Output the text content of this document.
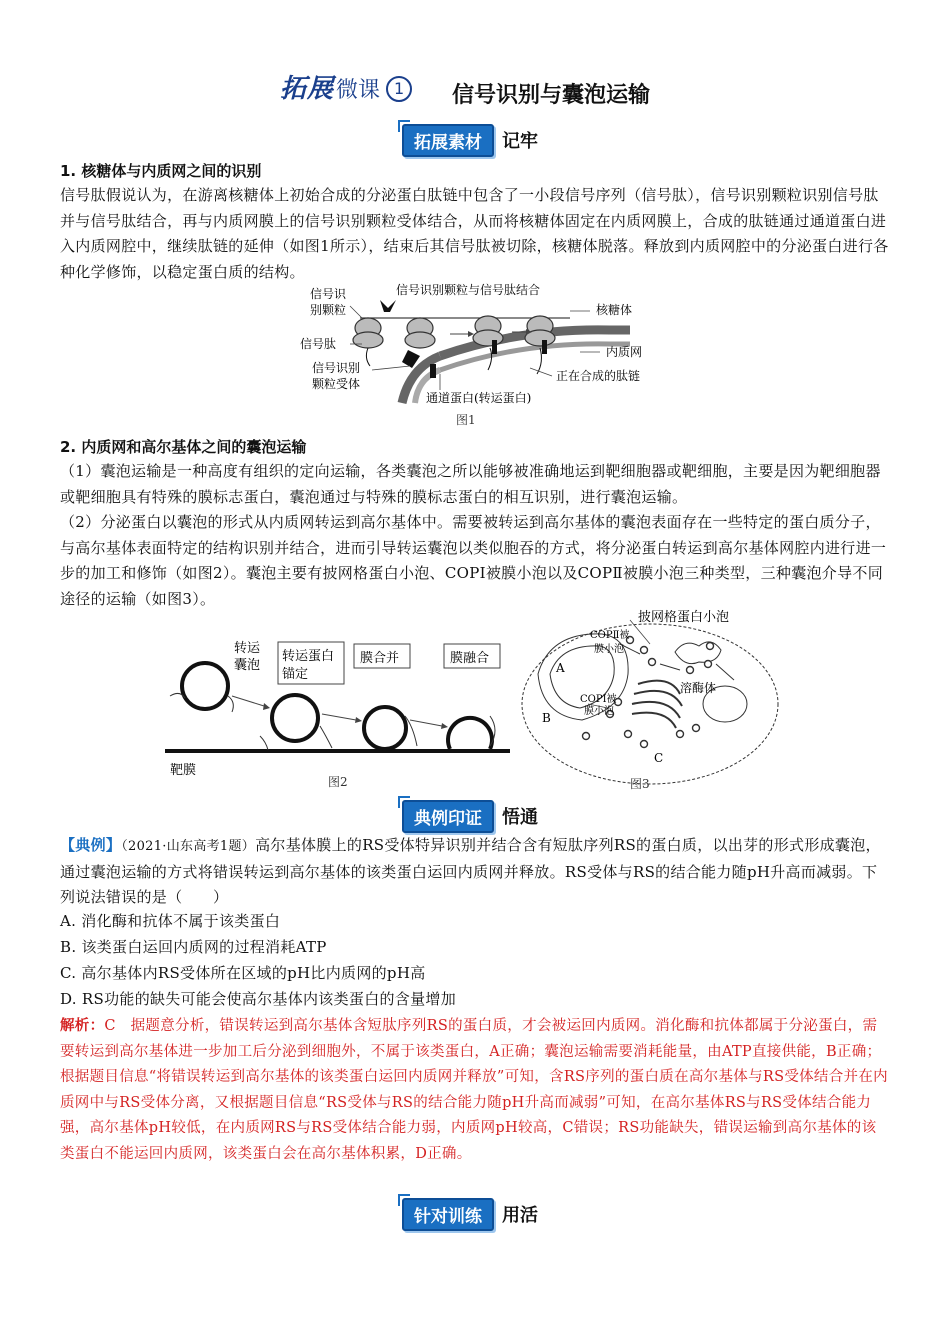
拓展微课 1	信号识别与囊泡运输
拓展素材	记牢
1. 核糖体与内质网之间的识别
信号肽假说认为，在游离核糖体上初始合成的分泌蛋白肽链中包含了一小段信号序列（信号肽），信号识别颗粒识别信号肽并与信号肽结合，再与内质网膜上的信号识别颗粒受体结合，从而将核糖体固定在内质网膜上，合成的肽链通过通道蛋白进入内质网腔中，继续肽链的延伸（如图1所示），结束后其信号肽被切除，核糖体脱落。释放到内质网腔中的分泌蛋白进行各种化学修饰，以稳定蛋白质的结构。
信号识
别颗粒
信号识别颗粒与信号肽结合
核糖体
信号肽
内质网
信号识别
颗粒受体
正在合成的肽链
通道蛋白(转运蛋白)
图1
2. 内质网和高尔基体之间的囊泡运输
（1）囊泡运输是一种高度有组织的定向运输，各类囊泡之所以能够被准确地运到靶细胞器或靶细胞，主要是因为靶细胞器或靶细胞具有特殊的膜标志蛋白，囊泡通过与特殊的膜标志蛋白的相互识别，进行囊泡运输。
（2）分泌蛋白以囊泡的形式从内质网转运到高尔基体中。需要被转运到高尔基体的囊泡表面存在一些特定的蛋白质分子，与高尔基体表面特定的结构识别并结合，进而引导转运囊泡以类似胞吞的方式，将分泌蛋白转运到高尔基体网腔内进行进一步的加工和修饰（如图2）。囊泡主要有披网格蛋白小泡、COPⅠ被膜小泡以及COPⅡ被膜小泡三种类型，三种囊泡介导不同途径的运输（如图3）。
转运
囊泡
转运蛋白
锚定
膜合并	膜融合
靶膜
图2
披网格蛋白小泡
COPⅡ被
膜小泡
A
溶酶体
COPⅠ被
膜小泡
B
C
图3
典例印证	悟通
【典例】（2021·山东高考1题）高尔基体膜上的RS受体特异识别并结合含有短肽序列RS的蛋白质，以出芽的形式形成囊泡，通过囊泡运输的方式将错误转运到高尔基体的该类蛋白运回内质网并释放。RS受体与RS的结合能力随pH升高而减弱。下列说法错误的是（　　）
A. 消化酶和抗体不属于该类蛋白
B. 该类蛋白运回内质网的过程消耗ATP
C. 高尔基体内RS受体所在区域的pH比内质网的pH高
D. RS功能的缺失可能会使高尔基体内该类蛋白的含量增加
解析：C　 据题意分析，错误转运到高尔基体含短肽序列RS的蛋白质，才会被运回内质网。消化酶和抗体都属于分泌蛋白，需要转运到高尔基体进一步加工后分泌到细胞外，不属于该类蛋白，A正确；囊泡运输需要消耗能量，由ATP直接供能，B正确；根据题目信息“将错误转运到高尔基体的该类蛋白运回内质网并释放”可知，含RS序列的蛋白质在高尔基体与RS受体结合并在内质网中与RS受体分离，又根据题目信息“RS受体与RS的结合能力随pH升高而减弱”可知，在高尔基体RS与RS受体结合能力强，高尔基体pH较低，在内质网RS与RS受体结合能力弱，内质网pH较高，C错误；RS功能缺失，错误运输到高尔基体的该类蛋白不能运回内质网，该类蛋白会在高尔基体积累，D正确。
针对训练	用活
